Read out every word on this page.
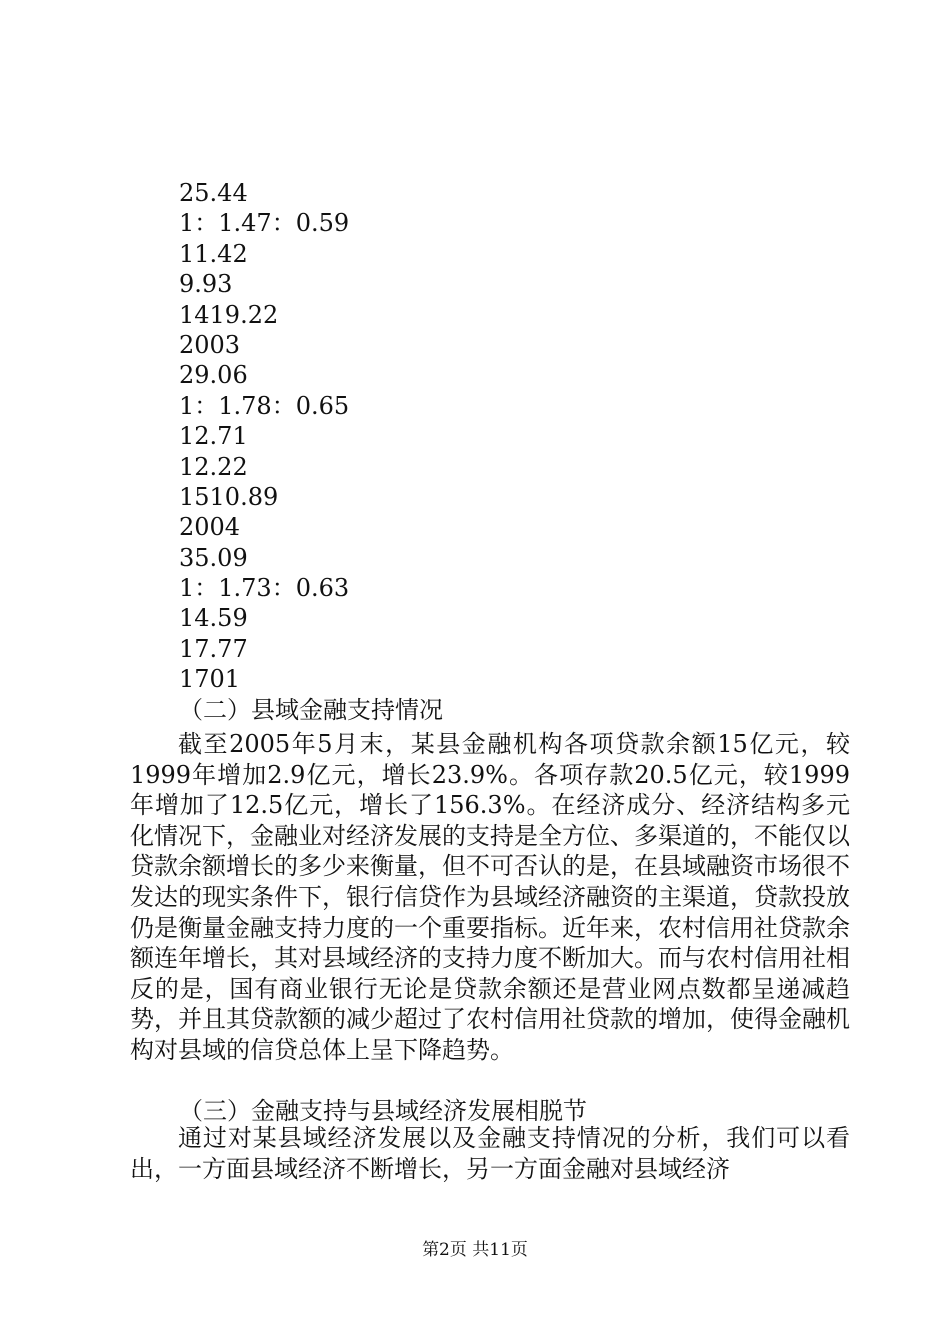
25.44
1：1.47：0.59
11.42
9.93
1419.22
2003
29.06
1：1.78：0.65
12.71
12.22
1510.89
2004
35.09
1：1.73：0.63
14.59
17.77
1701
（二）县域金融支持情况

截至2005年5月末，某县金融机构各项贷款余额15亿元，较1999年增加2.9亿元，增长23.9%。各项存款20.5亿元，较1999年增加了12.5亿元，增长了156.3%。在经济成分、经济结构多元化情况下，金融业对经济发展的支持是全方位、多渠道的，不能仅以贷款余额增长的多少来衡量，但不可否认的是，在县域融资市场很不发达的现实条件下，银行信贷作为县域经济融资的主渠道，贷款投放仍是衡量金融支持力度的一个重要指标。近年来，农村信用社贷款余额连年增长，其对县域经济的支持力度不断加大。而与农村信用社相反的是，国有商业银行无论是贷款余额还是营业网点数都呈递减趋势，并且其贷款额的减少超过了农村信用社贷款的增加，使得金融机构对县域的信贷总体上呈下降趋势。

（三）金融支持与县域经济发展相脱节

通过对某县域经济发展以及金融支持情况的分析，我们可以看出，一方面县域经济不断增长，另一方面金融对县域经济

第2页 共11页
